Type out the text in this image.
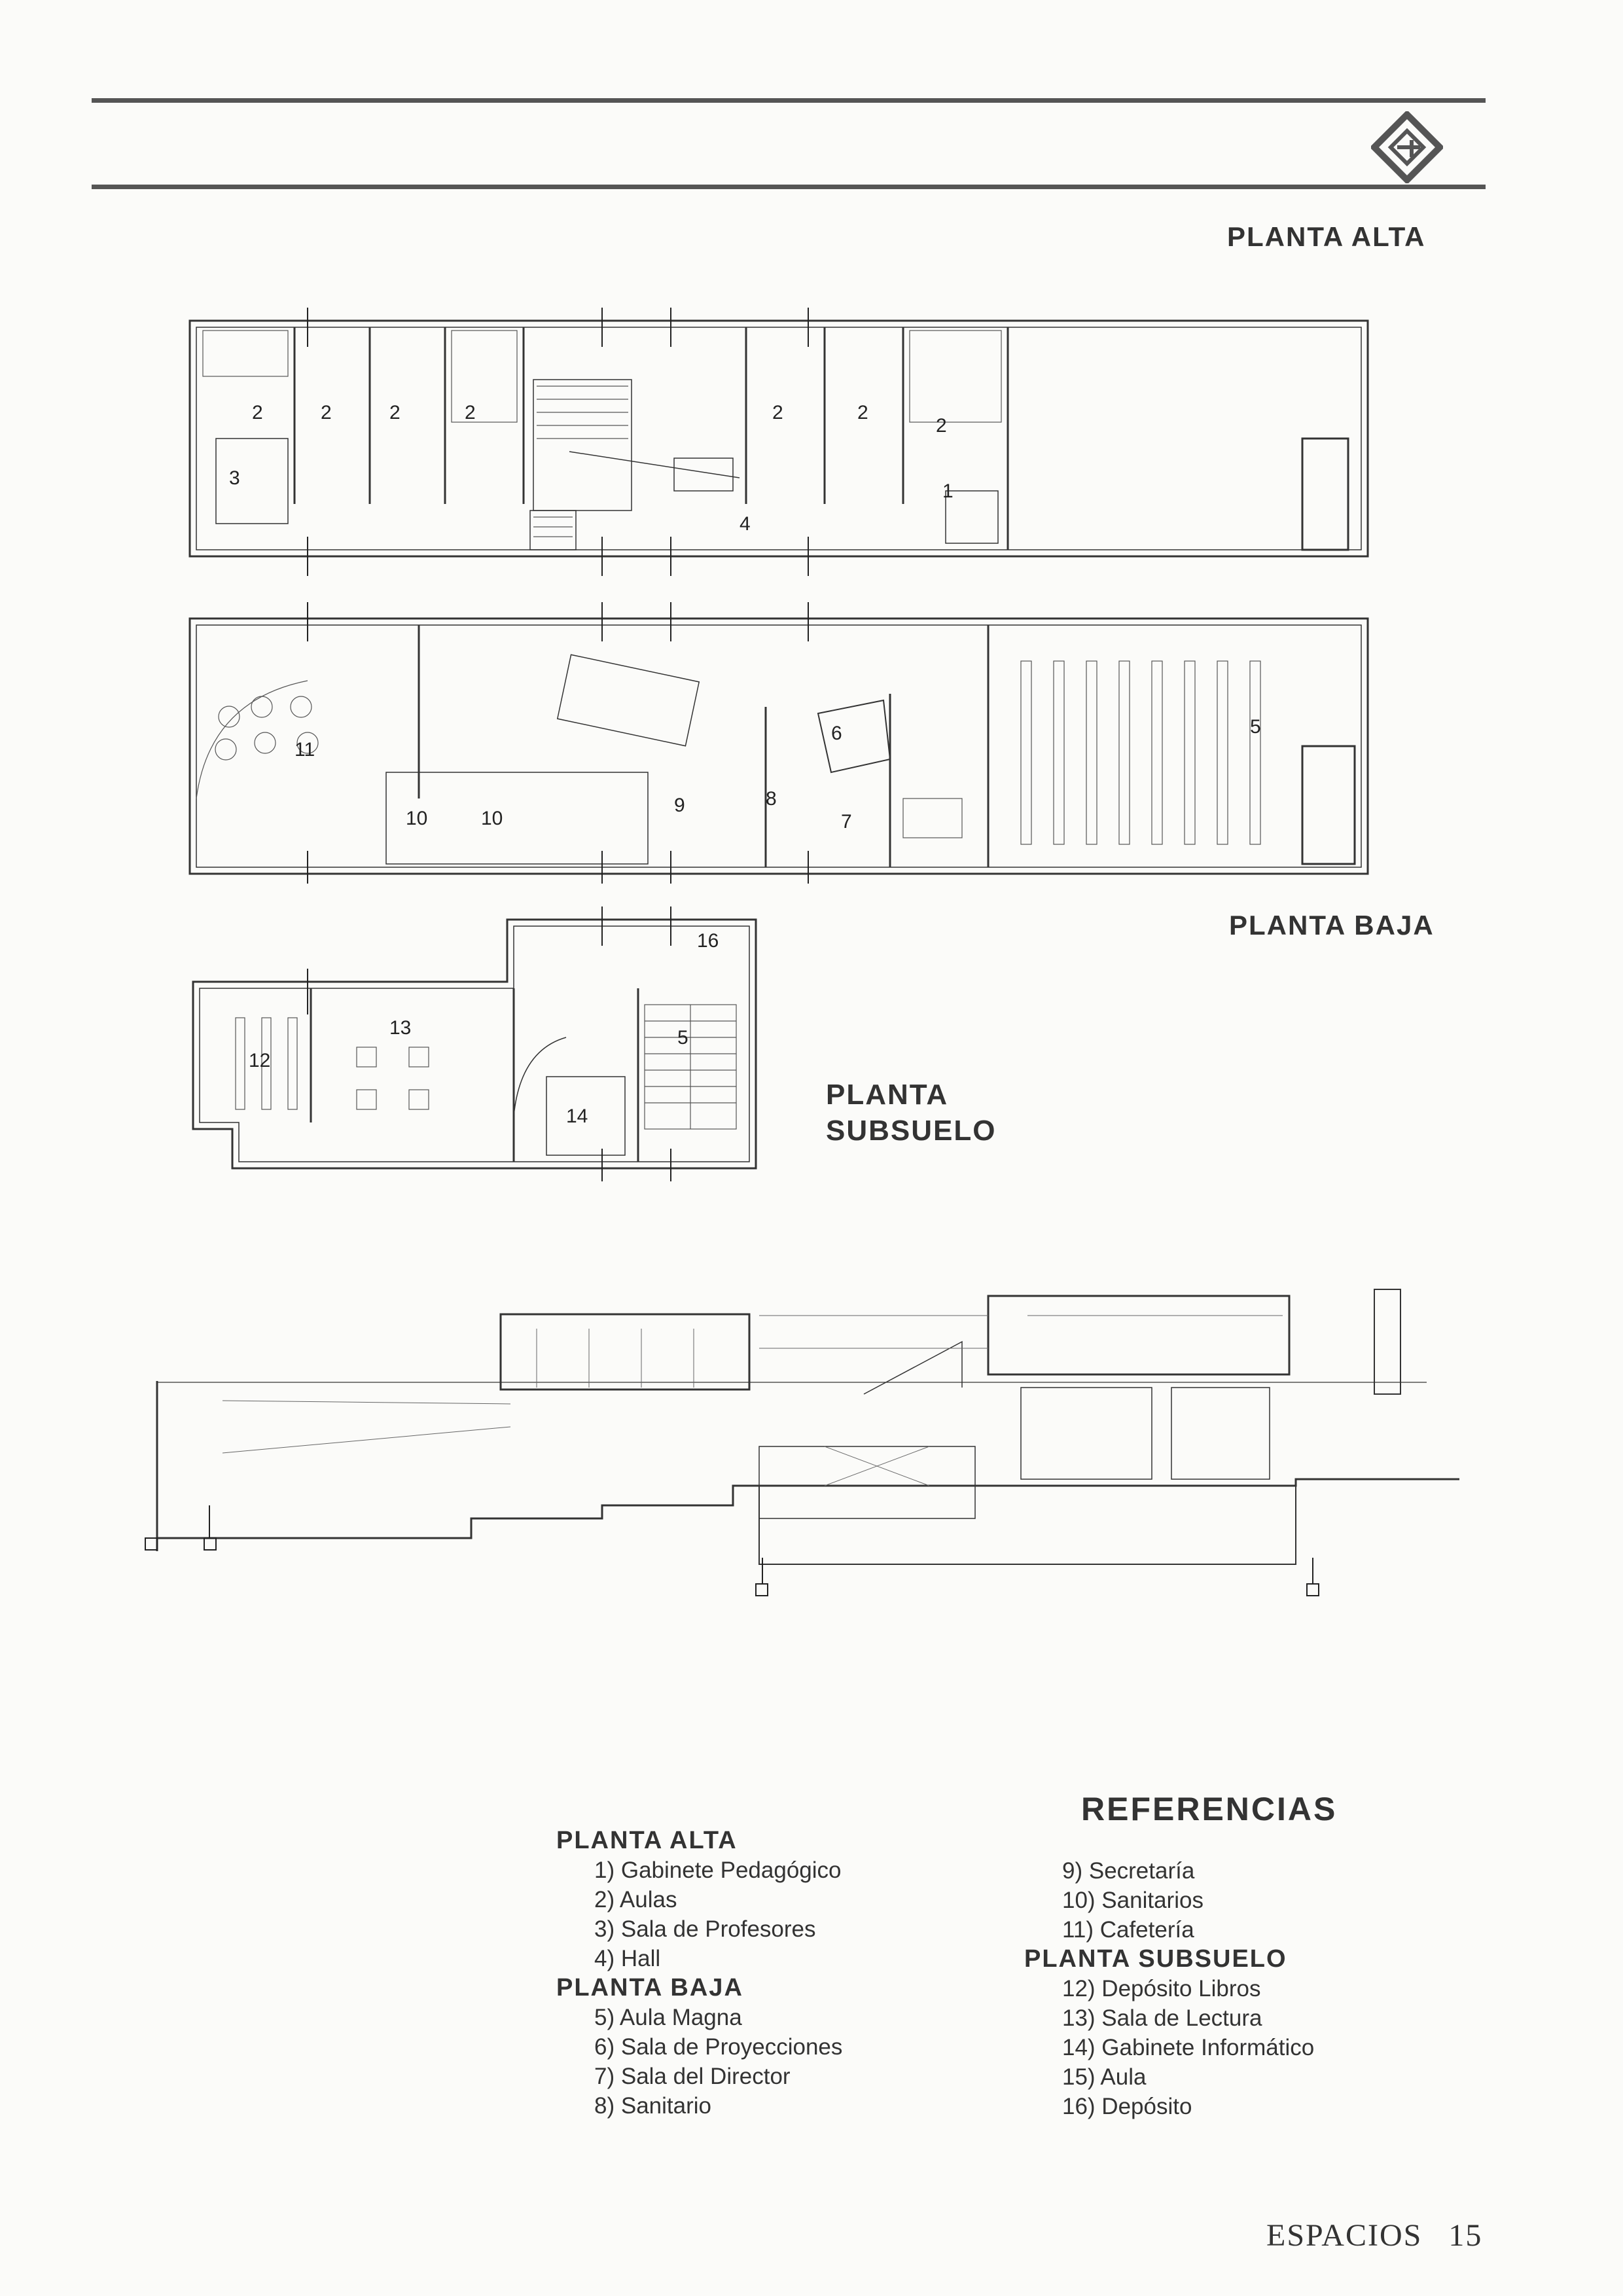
PLANTA ALTA
PLANTA BAJA
PLANTA
SUBSUELO
2	2	2	2	2	2
2
3
1
4
11
10	10
9	8
7
6	5
16
13
12
5
14
REFERENCIAS
PLANTA ALTA
1) Gabinete Pedagógico
2) Aulas
3) Sala de Profesores
4) Hall
PLANTA BAJA
5) Aula Magna
6) Sala de Proyecciones
7) Sala del Director
8) Sanitario
9) Secretaría
10) Sanitarios
11) Cafetería
PLANTA SUBSUELO
12) Depósito Libros
13) Sala de Lectura
14) Gabinete Informático
15) Aula
16) Depósito
ESPACIOS 15
